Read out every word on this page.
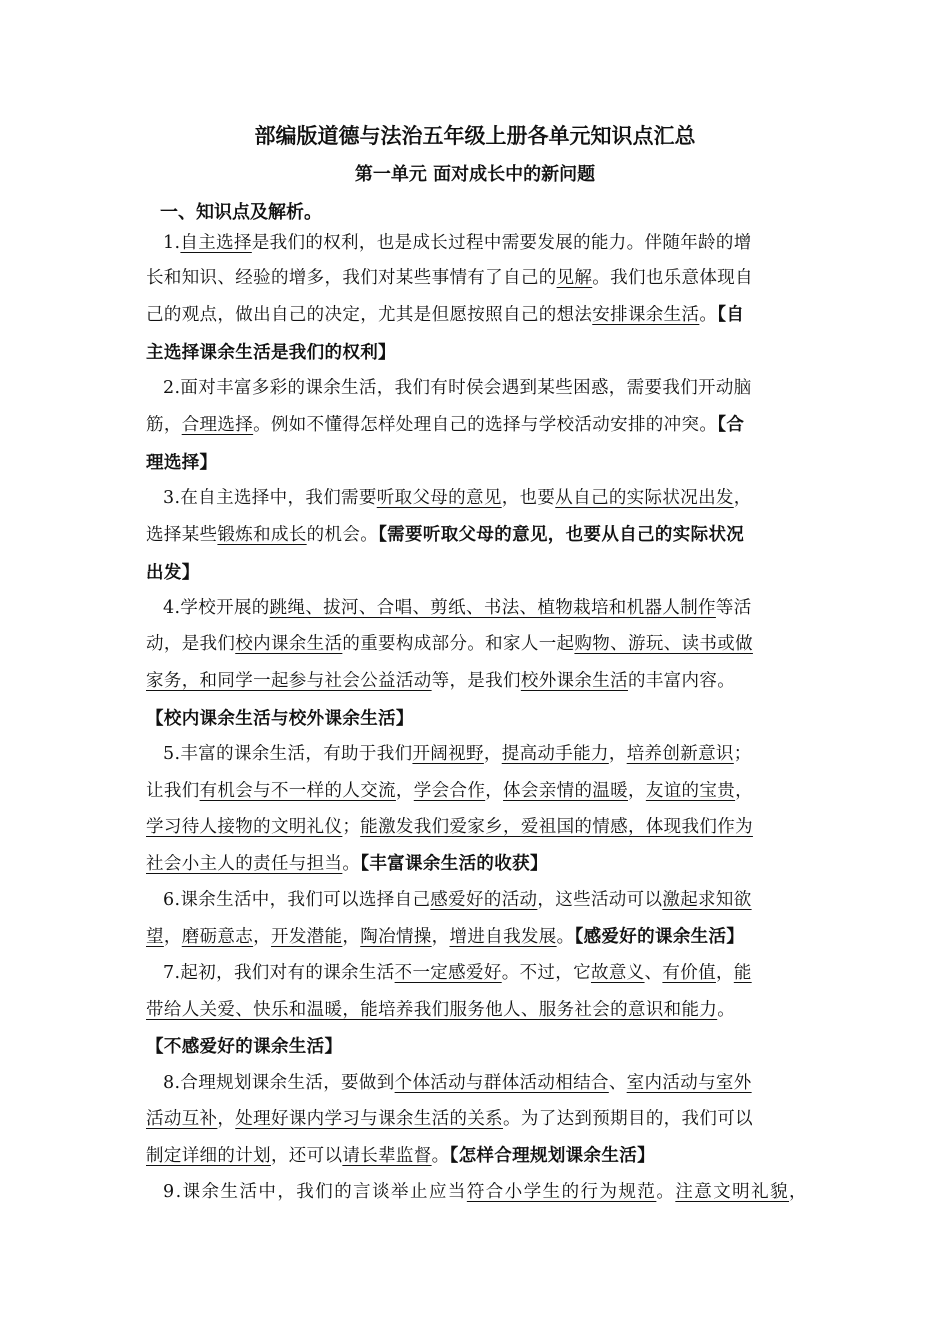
部编版道德与法治五年级上册各单元知识点汇总
第一单元 面对成长中的新问题
一、知识点及解析。
1.自主选择是我们的权利，也是成长过程中需要发展的能力。伴随年龄的增
长和知识、经验的增多，我们对某些事情有了自己的见解。我们也乐意体现自
己的观点，做出自己的决定，尤其是但愿按照自己的想法安排课余生活。【自
主选择课余生活是我们的权利】
2.面对丰富多彩的课余生活，我们有时侯会遇到某些困惑，需要我们开动脑
筋，合理选择。例如不懂得怎样处理自己的选择与学校活动安排的冲突。【合
理选择】
3.在自主选择中，我们需要听取父母的意见，也要从自己的实际状况出发，
选择某些锻炼和成长的机会。【需要听取父母的意见，也要从自己的实际状况
出发】
4.学校开展的跳绳、拔河、合唱、剪纸、书法、植物栽培和机器人制作等活
动，是我们校内课余生活的重要构成部分。和家人一起购物、游玩、读书或做
家务，和同学一起参与社会公益活动等，是我们校外课余生活的丰富内容。
【校内课余生活与校外课余生活】
5.丰富的课余生活，有助于我们开阔视野，提高动手能力，培养创新意识；
让我们有机会与不一样的人交流，学会合作，体会亲情的温暖，友谊的宝贵，
学习待人接物的文明礼仪；能激发我们爱家乡，爱祖国的情感，体现我们作为
社会小主人的责任与担当。【丰富课余生活的收获】
6.课余生活中，我们可以选择自己感爱好的活动，这些活动可以激起求知欲
望，磨砺意志，开发潜能，陶冶情操，增进自我发展。【感爱好的课余生活】
7.起初，我们对有的课余生活不一定感爱好。不过，它故意义、有价值，能
带给人关爱、快乐和温暖，能培养我们服务他人、服务社会的意识和能力。
【不感爱好的课余生活】
8.合理规划课余生活，要做到个体活动与群体活动相结合、室内活动与室外
活动互补，处理好课内学习与课余生活的关系。为了达到预期目的，我们可以
制定详细的计划，还可以请长辈监督。【怎样合理规划课余生活】
9.课余生活中，我们的言谈举止应当符合小学生的行为规范。注意文明礼貌，
